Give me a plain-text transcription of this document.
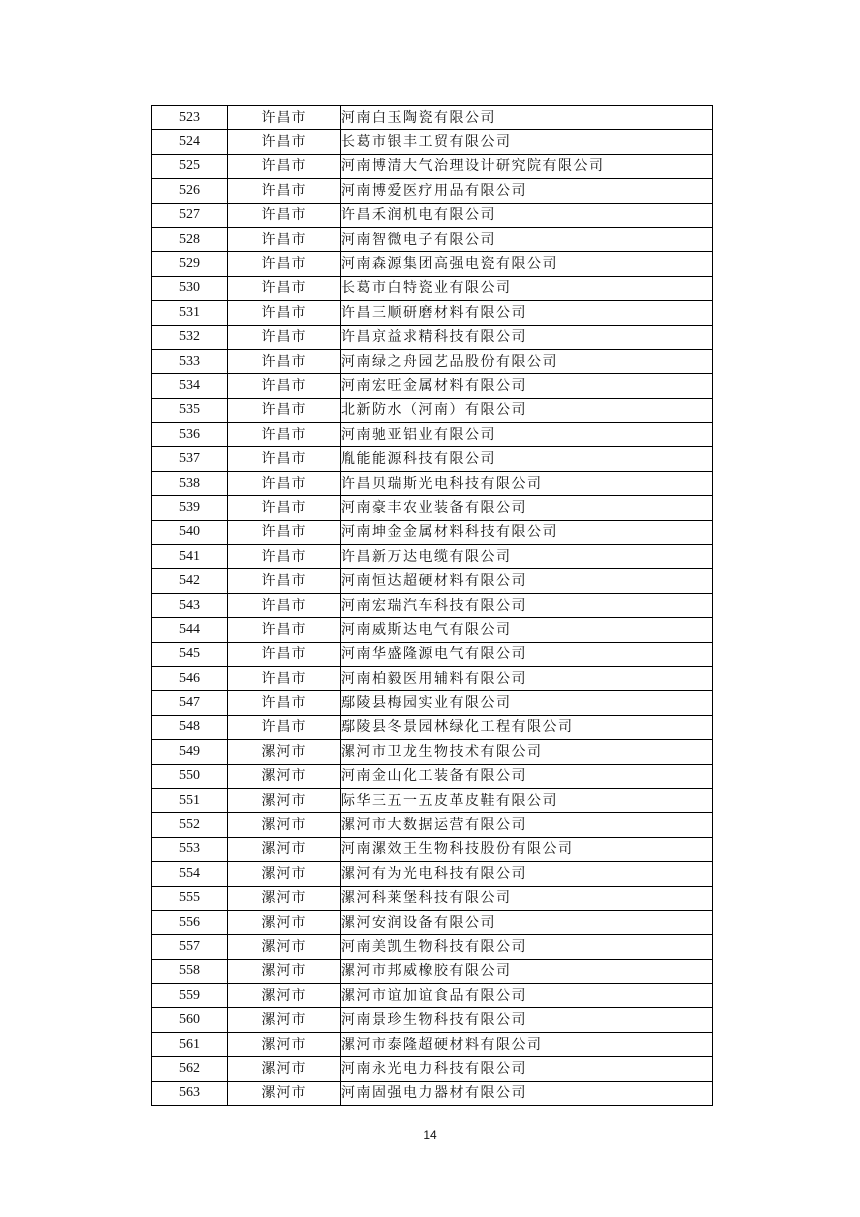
523	许昌市	河南白玉陶瓷有限公司
524	许昌市	长葛市银丰工贸有限公司
525	许昌市	河南博清大气治理设计研究院有限公司
526	许昌市	河南博爱医疗用品有限公司
527	许昌市	许昌禾润机电有限公司
528	许昌市	河南智微电子有限公司
529	许昌市	河南森源集团高强电瓷有限公司
530	许昌市	长葛市白特瓷业有限公司
531	许昌市	许昌三顺研磨材料有限公司
532	许昌市	许昌京益求精科技有限公司
533	许昌市	河南绿之舟园艺品股份有限公司
534	许昌市	河南宏旺金属材料有限公司
535	许昌市	北新防水（河南）有限公司
536	许昌市	河南驰亚铝业有限公司
537	许昌市	胤能能源科技有限公司
538	许昌市	许昌贝瑞斯光电科技有限公司
539	许昌市	河南豪丰农业装备有限公司
540	许昌市	河南坤金金属材料科技有限公司
541	许昌市	许昌新万达电缆有限公司
542	许昌市	河南恒达超硬材料有限公司
543	许昌市	河南宏瑞汽车科技有限公司
544	许昌市	河南威斯达电气有限公司
545	许昌市	河南华盛隆源电气有限公司
546	许昌市	河南柏毅医用辅料有限公司
547	许昌市	鄢陵县梅园实业有限公司
548	许昌市	鄢陵县冬景园林绿化工程有限公司
549	漯河市	漯河市卫龙生物技术有限公司
550	漯河市	河南金山化工装备有限公司
551	漯河市	际华三五一五皮革皮鞋有限公司
552	漯河市	漯河市大数据运营有限公司
553	漯河市	河南漯效王生物科技股份有限公司
554	漯河市	漯河有为光电科技有限公司
555	漯河市	漯河科莱堡科技有限公司
556	漯河市	漯河安润设备有限公司
557	漯河市	河南美凯生物科技有限公司
558	漯河市	漯河市邦威橡胶有限公司
559	漯河市	漯河市谊加谊食品有限公司
560	漯河市	河南景珍生物科技有限公司
561	漯河市	漯河市泰隆超硬材料有限公司
562	漯河市	河南永光电力科技有限公司
563	漯河市	河南固强电力器材有限公司
14
